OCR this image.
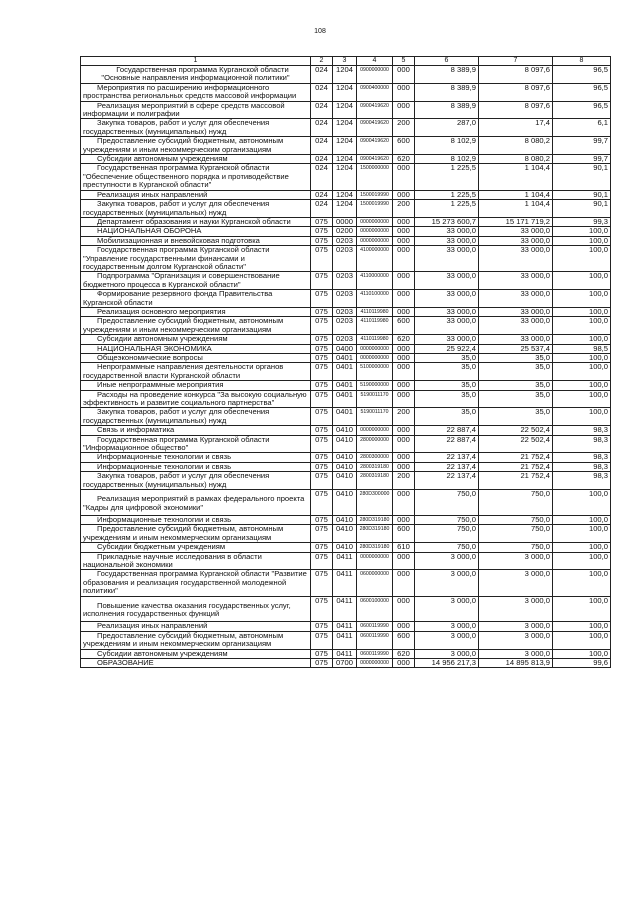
108
1	2	3	4	5	6	7	8
Государственная программа Курганской области "Основные направления информационной политики"	024	1204	0900000000	000	8 389,9	8 097,6	96,5
Мероприятия по расширению информационного пространства региональных средств массовой информации	024	1204	0900400000	000	8 389,9	8 097,6	96,5
Реализация мероприятий в сфере средств массовой информации и полиграфии	024	1204	0900419620	000	8 389,9	8 097,6	96,5
Закупка товаров, работ и услуг для обеспечения государственных (муниципальных) нужд	024	1204	0900419620	200	287,0	17,4	6,1
Предоставление субсидий бюджетным, автономным учреждениям и иным некоммерческим организациям	024	1204	0900419620	600	8 102,9	8 080,2	99,7
Субсидии автономным учреждениям	024	1204	0900419620	620	8 102,9	8 080,2	99,7
Государственная программа Курганской области "Обеспечение общественного порядка и противодействие преступности в Курганской области"	024	1204	1500000000	000	1 225,5	1 104,4	90,1
Реализация иных направлений	024	1204	1500019990	000	1 225,5	1 104,4	90,1
Закупка товаров, работ и услуг для обеспечения государственных (муниципальных) нужд	024	1204	1500019990	200	1 225,5	1 104,4	90,1
Департамент образования и науки Курганской области	075	0000	0000000000	000	15 273 600,7	15 171 719,2	99,3
НАЦИОНАЛЬНАЯ ОБОРОНА	075	0200	0000000000	000	33 000,0	33 000,0	100,0
Мобилизационная и вневойсковая подготовка	075	0203	0000000000	000	33 000,0	33 000,0	100,0
Государственная программа Курганской области "Управление государственными финансами и государственным долгом Курганской области"	075	0203	4100000000	000	33 000,0	33 000,0	100,0
Подпрограмма "Организация и совершенствование бюджетного процесса в Курганской области"	075	0203	4110000000	000	33 000,0	33 000,0	100,0
Формирование резервного фонда Правительства Курганской области	075	0203	4110100000	000	33 000,0	33 000,0	100,0
Реализация основного мероприятия	075	0203	4110119980	000	33 000,0	33 000,0	100,0
Предоставление субсидий бюджетным, автономным учреждениям и иным некоммерческим организациям	075	0203	4110119980	600	33 000,0	33 000,0	100,0
Субсидии автономным учреждениям	075	0203	4110119980	620	33 000,0	33 000,0	100,0
НАЦИОНАЛЬНАЯ ЭКОНОМИКА	075	0400	0000000000	000	25 922,4	25 537,4	98,5
Общеэкономические вопросы	075	0401	0000000000	000	35,0	35,0	100,0
Непрограммные направления деятельности органов государственной власти Курганской области	075	0401	5100000000	000	35,0	35,0	100,0
Иные непрограммные мероприятия	075	0401	5190000000	000	35,0	35,0	100,0
Расходы на проведение конкурса "За высокую социальную эффективность и развитие социального партнерства"	075	0401	5190011170	000	35,0	35,0	100,0
Закупка товаров, работ и услуг для обеспечения государственных (муниципальных) нужд	075	0401	5190011170	200	35,0	35,0	100,0
Связь и информатика	075	0410	0000000000	000	22 887,4	22 502,4	98,3
Государственная программа Курганской области "Информационное общество"	075	0410	2800000000	000	22 887,4	22 502,4	98,3
Информационные технологии и связь	075	0410	2800300000	000	22 137,4	21 752,4	98,3
Информационные технологии и связь	075	0410	2800319180	000	22 137,4	21 752,4	98,3
Закупка товаров, работ и услуг для обеспечения государственных (муниципальных) нужд	075	0410	2800319180	200	22 137,4	21 752,4	98,3
Реализация мероприятий в рамках федерального проекта "Кадры для цифровой экономики"	075	0410	280D300000	000	750,0	750,0	100,0
Информационные технологии и связь	075	0410	280D319180	000	750,0	750,0	100,0
Предоставление субсидий бюджетным, автономным учреждениям и иным некоммерческим организациям	075	0410	280D319180	600	750,0	750,0	100,0
Субсидии бюджетным учреждениям	075	0410	280D319180	610	750,0	750,0	100,0
Прикладные научные исследования в области национальной экономики	075	0411	0000000000	000	3 000,0	3 000,0	100,0
Государственная программа Курганской области "Развитие образования и реализация государственной молодежной политики"	075	0411	0600000000	000	3 000,0	3 000,0	100,0
Повышение качества оказания государственных услуг, исполнения государственных функций	075	0411	0600100000	000	3 000,0	3 000,0	100,0
Реализация иных направлений	075	0411	0600119990	000	3 000,0	3 000,0	100,0
Предоставление субсидий бюджетным, автономным учреждениям и иным некоммерческим организациям	075	0411	0600119990	600	3 000,0	3 000,0	100,0
Субсидии автономным учреждениям	075	0411	0600119990	620	3 000,0	3 000,0	100,0
ОБРАЗОВАНИЕ	075	0700	0000000000	000	14 956 217,3	14 895 813,9	99,6
